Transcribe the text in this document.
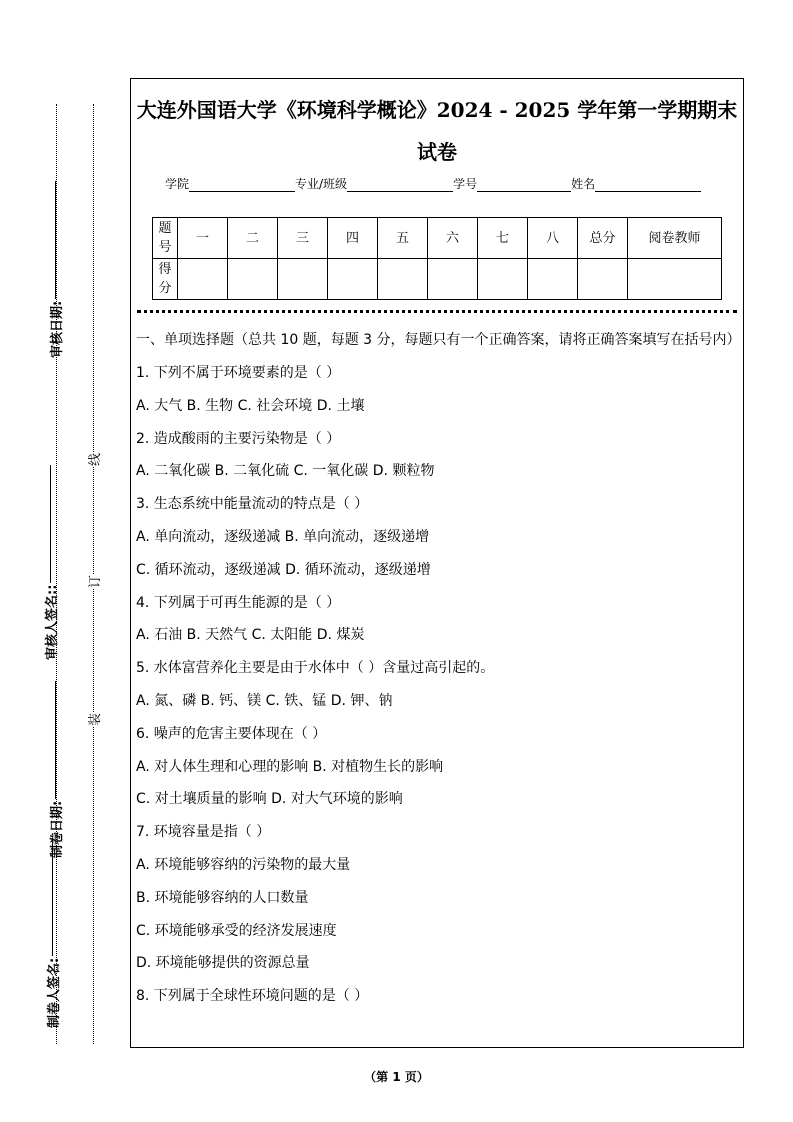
审核日期:
审核人签名::
制卷日期:
制卷人签名:
线
订
装
大连外国语大学《环境科学概论》2024 - 2025 学年第一学期期末
试卷
学院	专业/班级	学号	姓名
题号	一	二	三	四	五	六	七	八	总分	阅卷教师
得分										
一、单项选择题（总共 10 题，每题 3 分，每题只有一个正确答案，请将正确答案填写在括号内）
1. 下列不属于环境要素的是（ ）
A. 大气 B. 生物 C. 社会环境 D. 土壤
2. 造成酸雨的主要污染物是（ ）
A. 二氧化碳 B. 二氧化硫 C. 一氧化碳 D. 颗粒物
3. 生态系统中能量流动的特点是（ ）
A. 单向流动，逐级递减 B. 单向流动，逐级递增
C. 循环流动，逐级递减 D. 循环流动，逐级递增
4. 下列属于可再生能源的是（ ）
A. 石油 B. 天然气 C. 太阳能 D. 煤炭
5. 水体富营养化主要是由于水体中（ ）含量过高引起的。
A. 氮、磷 B. 钙、镁 C. 铁、锰 D. 钾、钠
6. 噪声的危害主要体现在（ ）
A. 对人体生理和心理的影响 B. 对植物生长的影响
C. 对土壤质量的影响 D. 对大气环境的影响
7. 环境容量是指（ ）
A. 环境能够容纳的污染物的最大量
B. 环境能够容纳的人口数量
C. 环境能够承受的经济发展速度
D. 环境能够提供的资源总量
8. 下列属于全球性环境问题的是（ ）
（第 1 页）
